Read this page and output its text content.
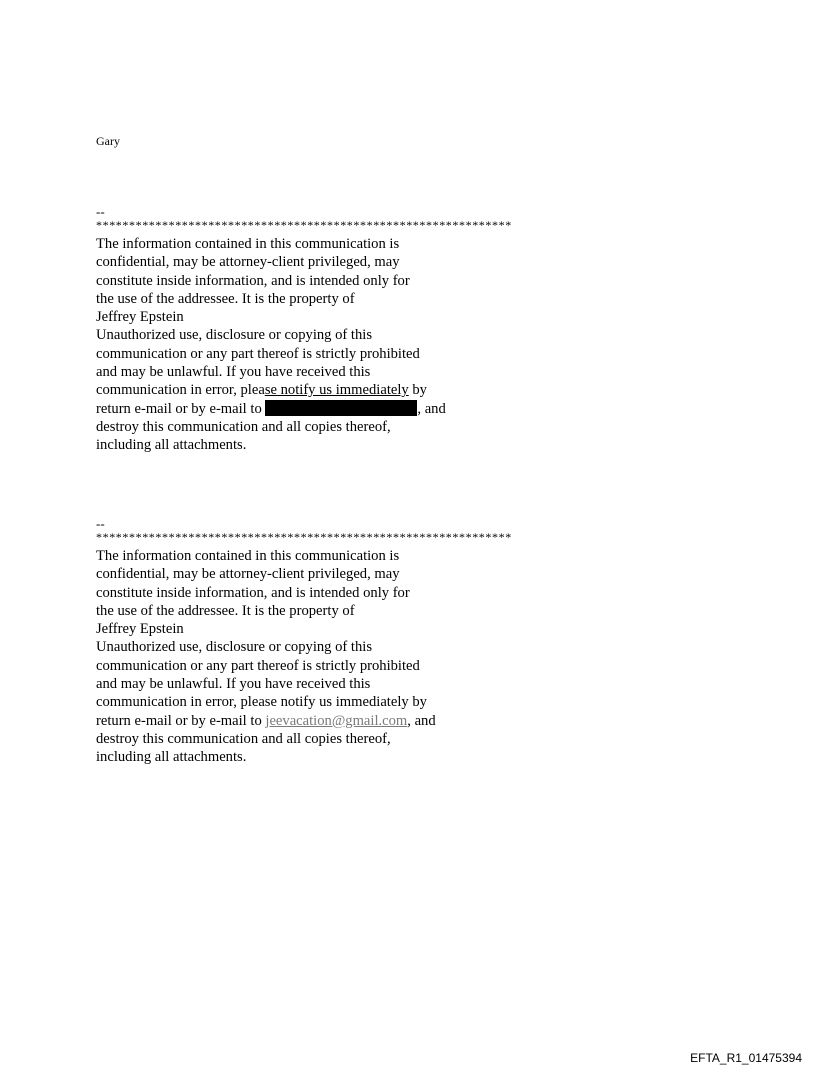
Gary
--
***************************************************************
The information contained in this communication is
confidential, may be attorney-client privileged, may
constitute inside information, and is intended only for
the use of the addressee. It is the property of
Jeffrey Epstein
Unauthorized use, disclosure or copying of this
communication or any part thereof is strictly prohibited
and may be unlawful. If you have received this
communication in error, please notify us immediately by
return e-mail or by e-mail to	, and
destroy this communication and all copies thereof,
including all attachments.
--
***************************************************************
The information contained in this communication is
confidential, may be attorney-client privileged, may
constitute inside information, and is intended only for
the use of the addressee. It is the property of
Jeffrey Epstein
Unauthorized use, disclosure or copying of this
communication or any part thereof is strictly prohibited
and may be unlawful. If you have received this
communication in error, please notify us immediately by
return e-mail or by e-mail to jeevacation@gmail.com, and
destroy this communication and all copies thereof,
including all attachments.
EFTA_R1_01475394
